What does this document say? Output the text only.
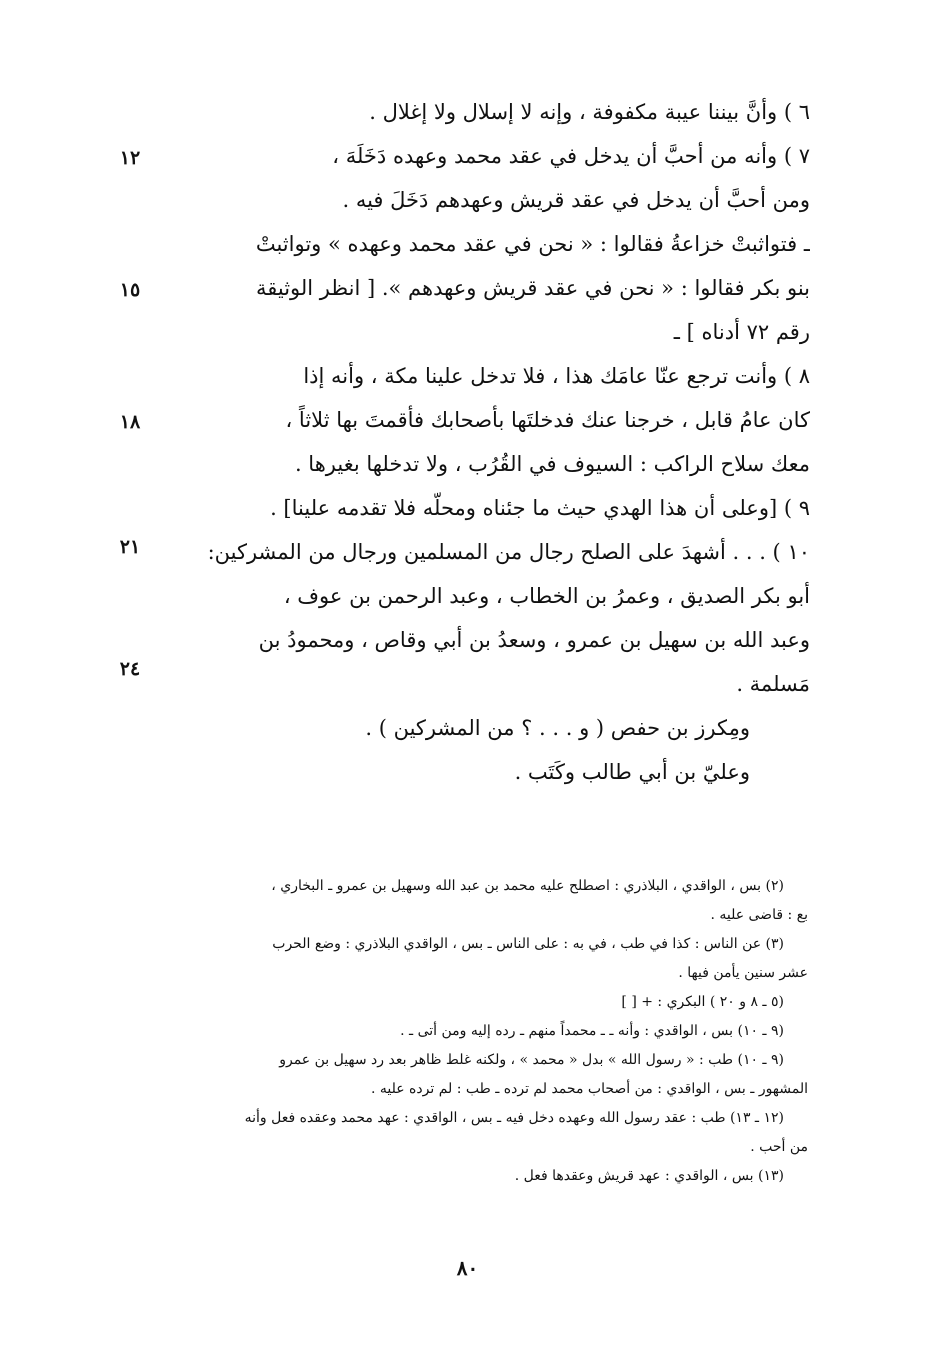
٦ ) وأنَّ بيننا عيبة مكفوفة ، وإنه لا إسلال ولا إغلال .

٧ ) وأنه من أحبَّ أن يدخل في عقد محمد وعهده دَخَلَهَ ،

ومن أحبَّ أن يدخل في عقد قريش وعهدهم دَخَلَ فيه .

ـ فتواثبتْ خزاعةُ فقالوا : « نحن في عقد محمد وعهده » وتواثبتْ

بنو بكر فقالوا : « نحن في عقد قريش وعهدهم ». [ انظر الوثيقة

رقم ٧٢ أدناه ] ـ

٨ ) وأنت ترجع عنّا عامَك هذا ، فلا تدخل علينا مكة ، وأنه إذا

كان عامُ قابل ، خرجنا عنك فدخلتَها بأصحابك فأقمتَ بها ثلاثاً ،

معك سلاح الراكب : السيوف في القُرُب ، ولا تدخلها بغيرها .

٩ ) [وعلى أن هذا الهدي حيث ما جئناه ومحلّه فلا تقدمه علينا] .

١٠ ) . . . أشهدَ على الصلح رجال من المسلمين ورجال من المشركين:

أبو بكر الصديق ، وعمرُ بن الخطاب ، وعبد الرحمن بن عوف ،

وعبد الله بن سهيل بن عمرو ، وسعدُ بن أبي وقاص ، ومحمودُ بن

مَسلمة .

ومِكرز بن حفص ( و . . . ؟ من المشركين ) .

وعليّ بن أبي طالب وكَتَب .

١٢
١٥
١٨
٢١
٢٤

(٢) بس ، الواقدي ، البلاذري : اصطلح عليه محمد بن عبد الله وسهيل بن عمرو ـ البخاري ،

بع : قاضى عليه .

(٣) عن الناس : كذا في طب ، في به : على الناس ـ بس ، الواقدي البلاذري : وضع الحرب

عشر سنين يأمن فيها .

(٥ ـ ٨ و ٢٠ ) البكري : + [ ]

(٩ ـ ١٠) بس ، الواقدي : وأنه ـ ـ محمداً منهم ـ رده إليه ومن أتى ـ .

(٩ ـ ١٠) طب : « رسول الله » بدل « محمد » ، ولكنه غلط ظاهر بعد رد سهيل بن عمرو

المشهور ـ بس ، الواقدي : من أصحاب محمد لم ترده ـ طب : لم ترده عليه .

(١٢ ـ ١٣) طب : عقد رسول الله وعهده دخل فيه ـ بس ، الواقدي : عهد محمد وعقده فعل وأنه

من أحب .

(١٣) بس ، الواقدي : عهد قريش وعقدها فعل .

٨٠
